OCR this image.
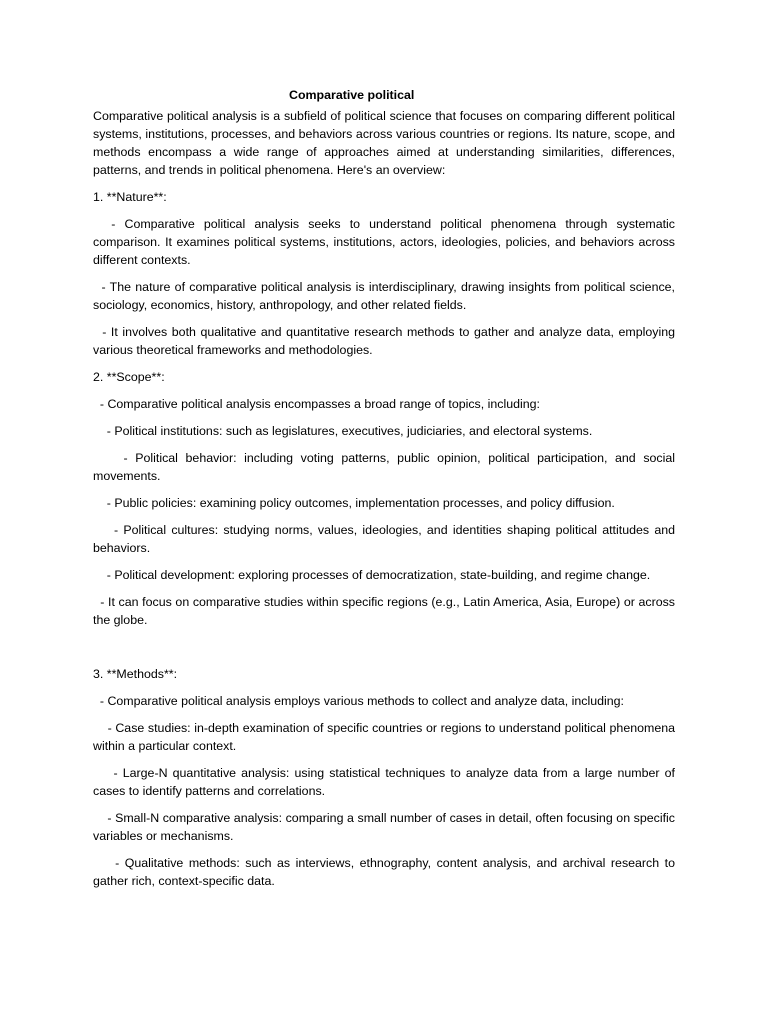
Comparative political

Comparative political analysis is a subfield of political science that focuses on comparing different political systems, institutions, processes, and behaviors across various countries or regions. Its nature, scope, and methods encompass a wide range of approaches aimed at understanding similarities, differences, patterns, and trends in political phenomena. Here's an overview:

1. **Nature**:

- Comparative political analysis seeks to understand political phenomena through systematic comparison. It examines political systems, institutions, actors, ideologies, policies, and behaviors across different contexts.

- The nature of comparative political analysis is interdisciplinary, drawing insights from political science, sociology, economics, history, anthropology, and other related fields.

- It involves both qualitative and quantitative research methods to gather and analyze data, employing various theoretical frameworks and methodologies.

2. **Scope**:

- Comparative political analysis encompasses a broad range of topics, including:

- Political institutions: such as legislatures, executives, judiciaries, and electoral systems.

- Political behavior: including voting patterns, public opinion, political participation, and social movements.

- Public policies: examining policy outcomes, implementation processes, and policy diffusion.

- Political cultures: studying norms, values, ideologies, and identities shaping political attitudes and behaviors.

- Political development: exploring processes of democratization, state-building, and regime change.

- It can focus on comparative studies within specific regions (e.g., Latin America, Asia, Europe) or across the globe.

3. **Methods**:

- Comparative political analysis employs various methods to collect and analyze data, including:

- Case studies: in-depth examination of specific countries or regions to understand political phenomena within a particular context.

- Large-N quantitative analysis: using statistical techniques to analyze data from a large number of cases to identify patterns and correlations.

- Small-N comparative analysis: comparing a small number of cases in detail, often focusing on specific variables or mechanisms.

- Qualitative methods: such as interviews, ethnography, content analysis, and archival research to gather rich, context-specific data.
